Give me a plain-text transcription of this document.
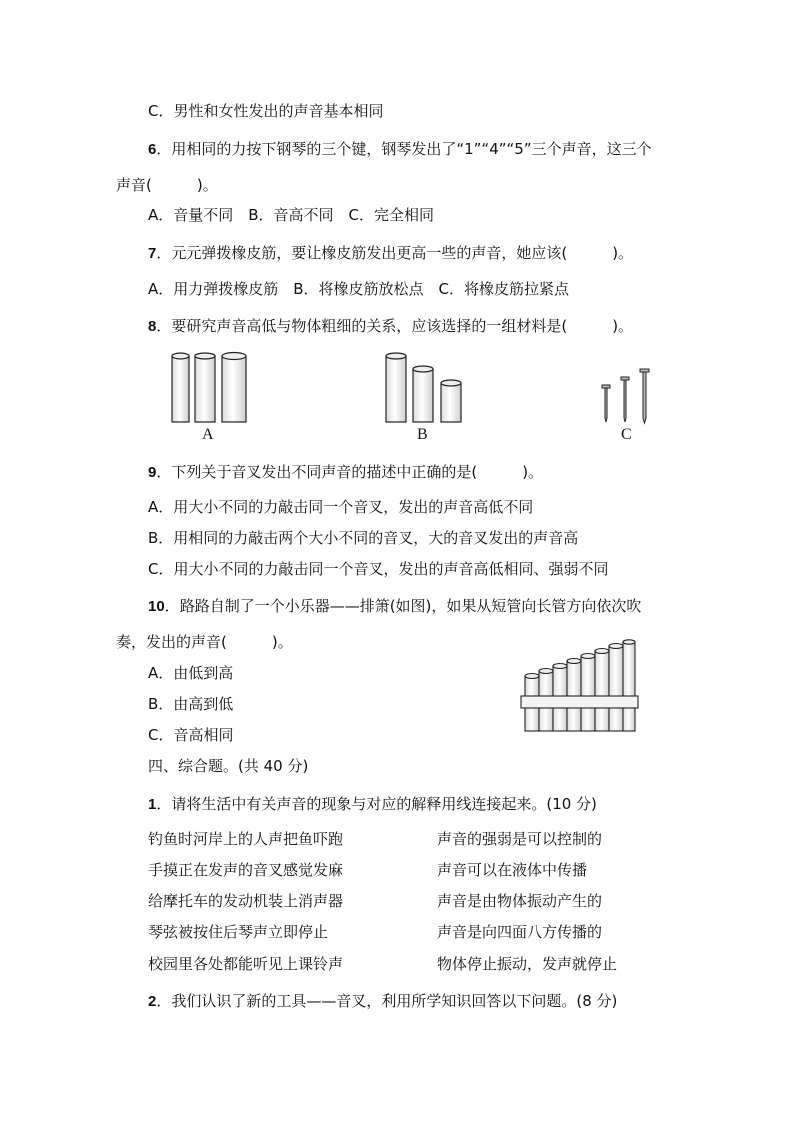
C．男性和女性发出的声音基本相同
6．用相同的力按下钢琴的三个键，钢琴发出了“1”“4”“5”三个声音，这三个
声音(　　　)。
A．音量不同　B．音高不同　C．完全相同
7．元元弹拨橡皮筋，要让橡皮筋发出更高一些的声音，她应该(　　　)。
A．用力弹拨橡皮筋　B．将橡皮筋放松点　C．将橡皮筋拉紧点
8．要研究声音高低与物体粗细的关系，应该选择的一组材料是(　　　)。
A	B	C
9．下列关于音叉发出不同声音的描述中正确的是(　　　)。
A．用大小不同的力敲击同一个音叉，发出的声音高低不同
B．用相同的力敲击两个大小不同的音叉，大的音叉发出的声音高
C．用大小不同的力敲击同一个音叉，发出的声音高低相同、强弱不同
10．路路自制了一个小乐器——排箫(如图)，如果从短管向长管方向依次吹
奏，发出的声音(　　　)。
A．由低到高
B．由高到低
C．音高相同
四、综合题。(共 40 分)
1．请将生活中有关声音的现象与对应的解释用线连接起来。(10 分)
钓鱼时河岸上的人声把鱼吓跑
手摸正在发声的音叉感觉发麻
给摩托车的发动机装上消声器
琴弦被按住后琴声立即停止
校园里各处都能听见上课铃声
声音的强弱是可以控制的
声音可以在液体中传播
声音是由物体振动产生的
声音是向四面八方传播的
物体停止振动，发声就停止
2．我们认识了新的工具——音叉，利用所学知识回答以下问题。(8 分)
